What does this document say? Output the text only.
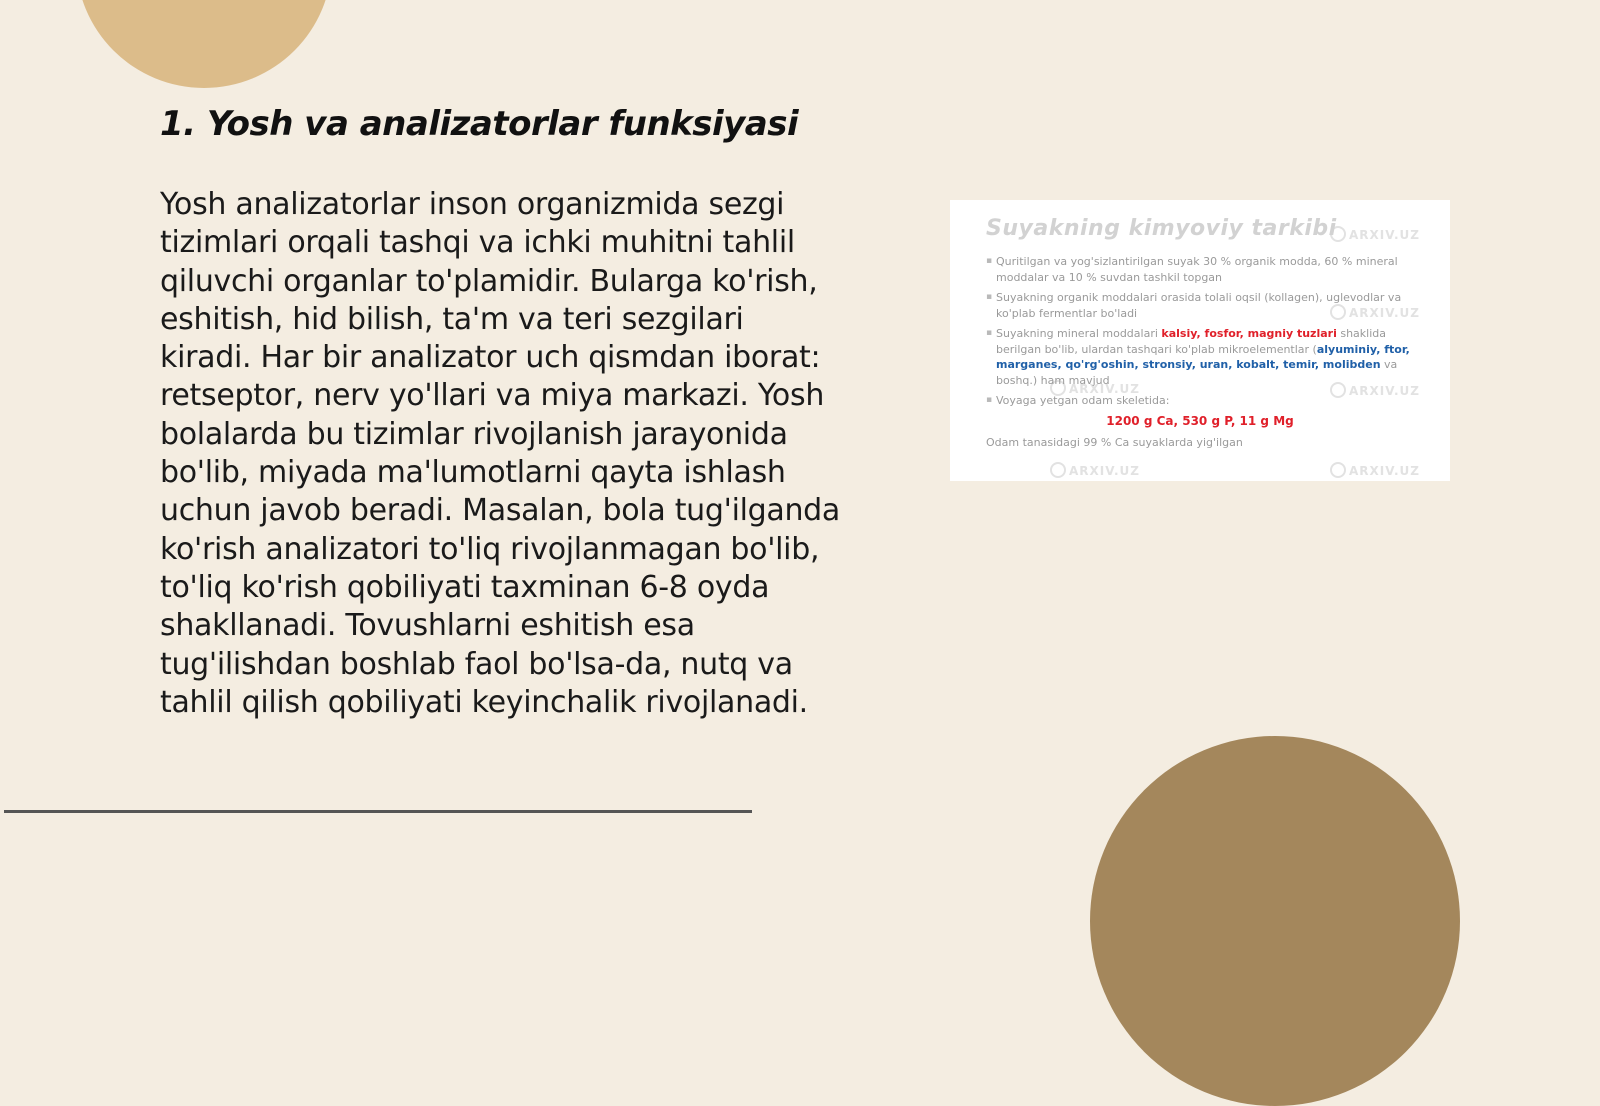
1. Yosh va analizatorlar funksiyasi

Yosh analizatorlar inson organizmida sezgi tizimlari orqali tashqi va ichki muhitni tahlil qiluvchi organlar to'plamidir. Bularga ko'rish, eshitish, hid bilish, ta'm va teri sezgilari kiradi. Har bir analizator uch qismdan iborat: retseptor, nerv yo'llari va miya markazi. Yosh bolalarda bu tizimlar rivojlanish jarayonida bo'lib, miyada ma'lumotlarni qayta ishlash uchun javob beradi. Masalan, bola tug'ilganda ko'rish analizatori to'liq rivojlanmagan bo'lib, to'liq ko'rish qobiliyati taxminan 6-8 oyda shakllanadi. Tovushlarni eshitish esa tug'ilishdan boshlab faol bo'lsa-da, nutq va tahlil qilish qobiliyati keyinchalik rivojlanadi.

ARXIV.UZ
ARXIV.UZ
ARXIV.UZ	ARXIV.UZ
ARXIV.UZ	ARXIV.UZ
Suyakning kimyoviy tarkibi
▪ Quritilgan va yog'sizlantirilgan suyak 30 % organik modda, 60 % mineral moddalar va 10 % suvdan tashkil topgan
▪ Suyakning organik moddalari orasida tolali oqsil (kollagen), uglevodlar va ko'plab fermentlar bo'ladi
▪ Suyakning mineral moddalari kalsiy, fosfor, magniy tuzlari shaklida berilgan bo'lib, ulardan tashqari ko'plab mikroelementlar (alyuminiy, ftor, marganes, qo'rg'oshin, stronsiy, uran, kobalt, temir, molibden va boshq.) ham mavjud
▪ Voyaga yetgan odam skeletida:
1200 g Ca, 530 g P, 11 g Mg
Odam tanasidagi 99 % Ca suyaklarda yig'ilgan
